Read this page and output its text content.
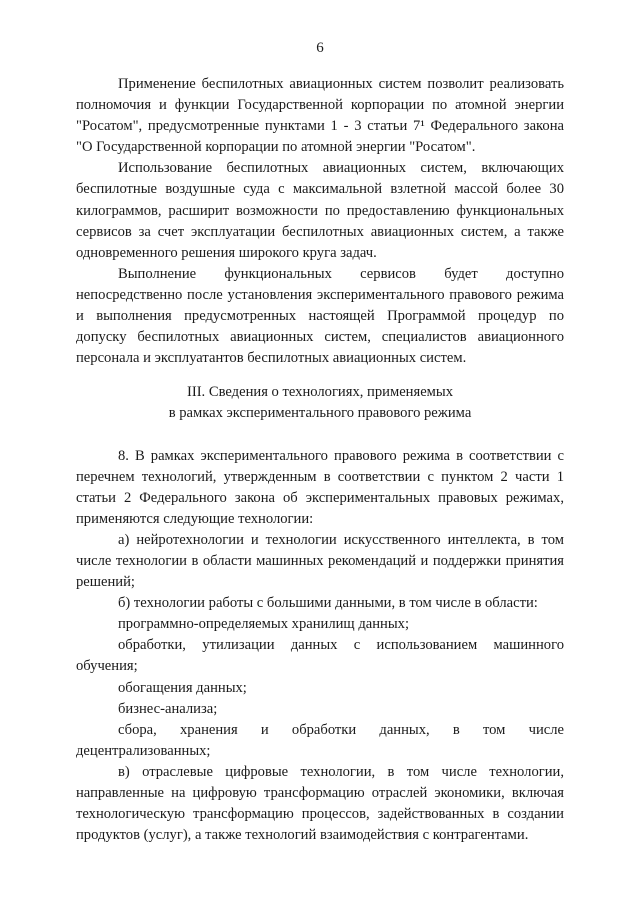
6

Применение беспилотных авиационных систем позволит реализовать полномочия и функции Государственной корпорации по атомной энергии "Росатом", предусмотренные пунктами 1 - 3 статьи 7¹ Федерального закона "О Государственной корпорации по атомной энергии "Росатом".

Использование беспилотных авиационных систем, включающих беспилотные воздушные суда с максимальной взлетной массой более 30 килограммов, расширит возможности по предоставлению функциональных сервисов за счет эксплуатации беспилотных авиационных систем, а также одновременного решения широкого круга задач.

Выполнение функциональных сервисов будет доступно непосредственно после установления экспериментального правового режима и выполнения предусмотренных настоящей Программой процедур по допуску беспилотных авиационных систем, специалистов авиационного персонала и эксплуатантов беспилотных авиационных систем.

III. Сведения о технологиях, применяемых
в рамках экспериментального правового режима

8. В рамках экспериментального правового режима в соответствии с перечнем технологий, утвержденным в соответствии с пунктом 2 части 1 статьи 2 Федерального закона об экспериментальных правовых режимах, применяются следующие технологии:

а) нейротехнологии и технологии искусственного интеллекта, в том числе технологии в области машинных рекомендаций и поддержки принятия решений;

б) технологии работы с большими данными, в том числе в области:

программно-определяемых хранилищ данных;

обработки, утилизации данных с использованием машинного обучения;

обогащения данных;

бизнес-анализа;

сбора, хранения и обработки данных, в том числе децентрализованных;

в) отраслевые цифровые технологии, в том числе технологии, направленные на цифровую трансформацию отраслей экономики, включая технологическую трансформацию процессов, задействованных в создании продуктов (услуг), а также технологий взаимодействия с контрагентами.
